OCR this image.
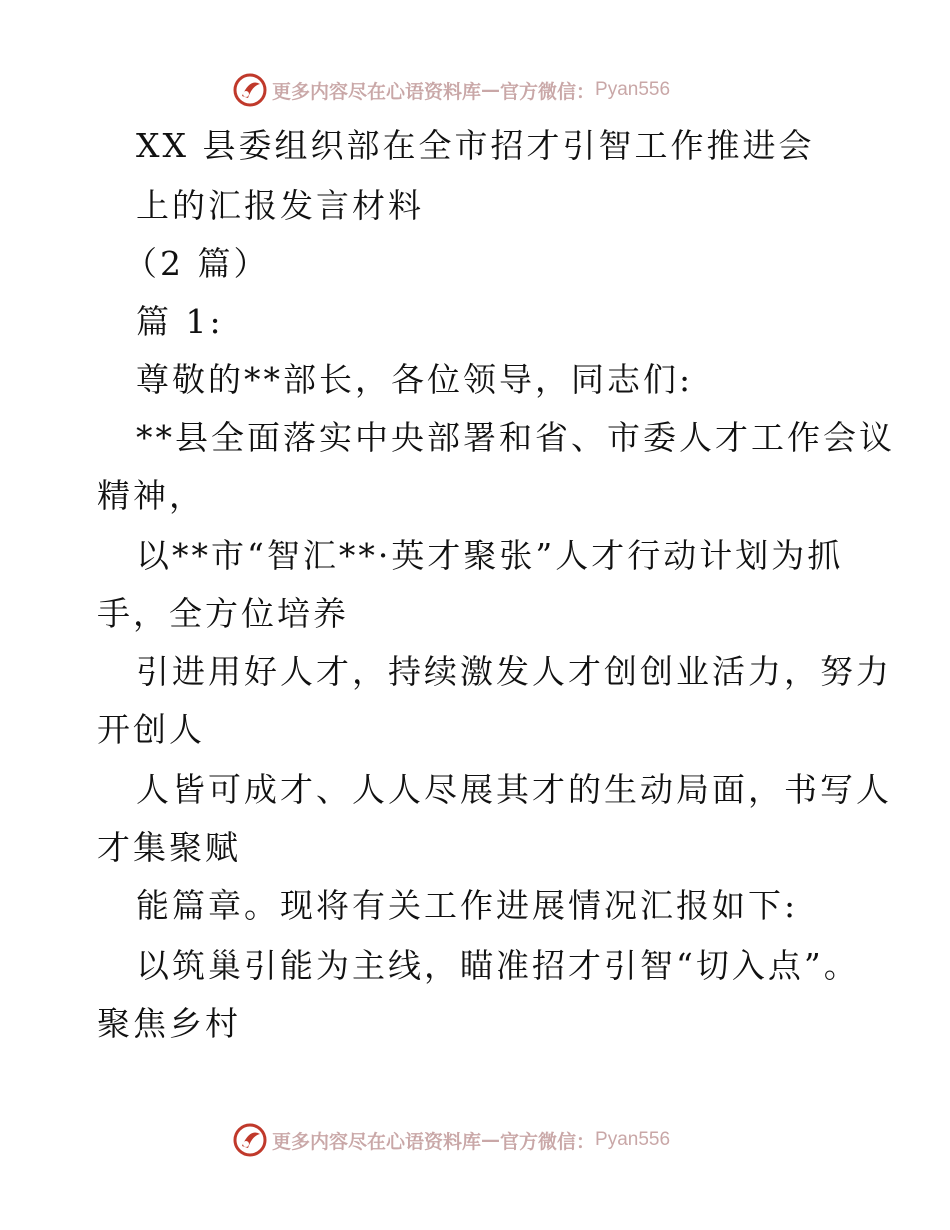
更多内容尽在心语资料库 — 官方微信： Pyan556
XX 县委组织部在全市招才引智工作推进会
上的汇报发言材料
（2 篇）
篇 1:
尊敬的**部长，各位领导，同志们:
**县全面落实中央部署和省、市委人才工作会议
精神，
以**市“智汇**·英才聚张”人才行动计划为抓
手，全方位培养
引进用好人才，持续激发人才创创业活力，努力
开创人
人皆可成才、人人尽展其才的生动局面，书写人
才集聚赋
能篇章。现将有关工作进展情况汇报如下:
以筑巢引能为主线，瞄准招才引智“切入点”。
聚焦乡村
更多内容尽在心语资料库 — 官方微信： Pyan556
